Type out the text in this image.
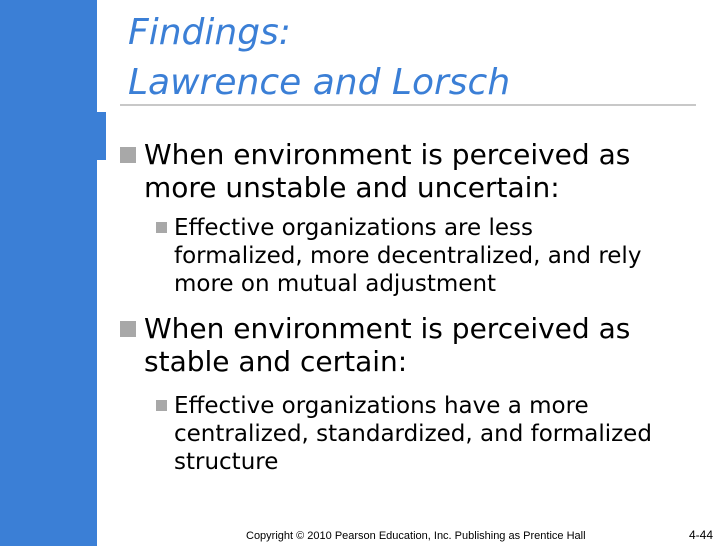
Findings:
Lawrence and Lorsch
When environment is perceived as
more unstable and uncertain:
Effective organizations are less
formalized, more decentralized, and rely
more on mutual adjustment
When environment is perceived as
stable and certain:
Effective organizations have a more
centralized, standardized, and formalized
structure
Copyright © 2010 Pearson Education, Inc. Publishing as Prentice Hall	4-44
